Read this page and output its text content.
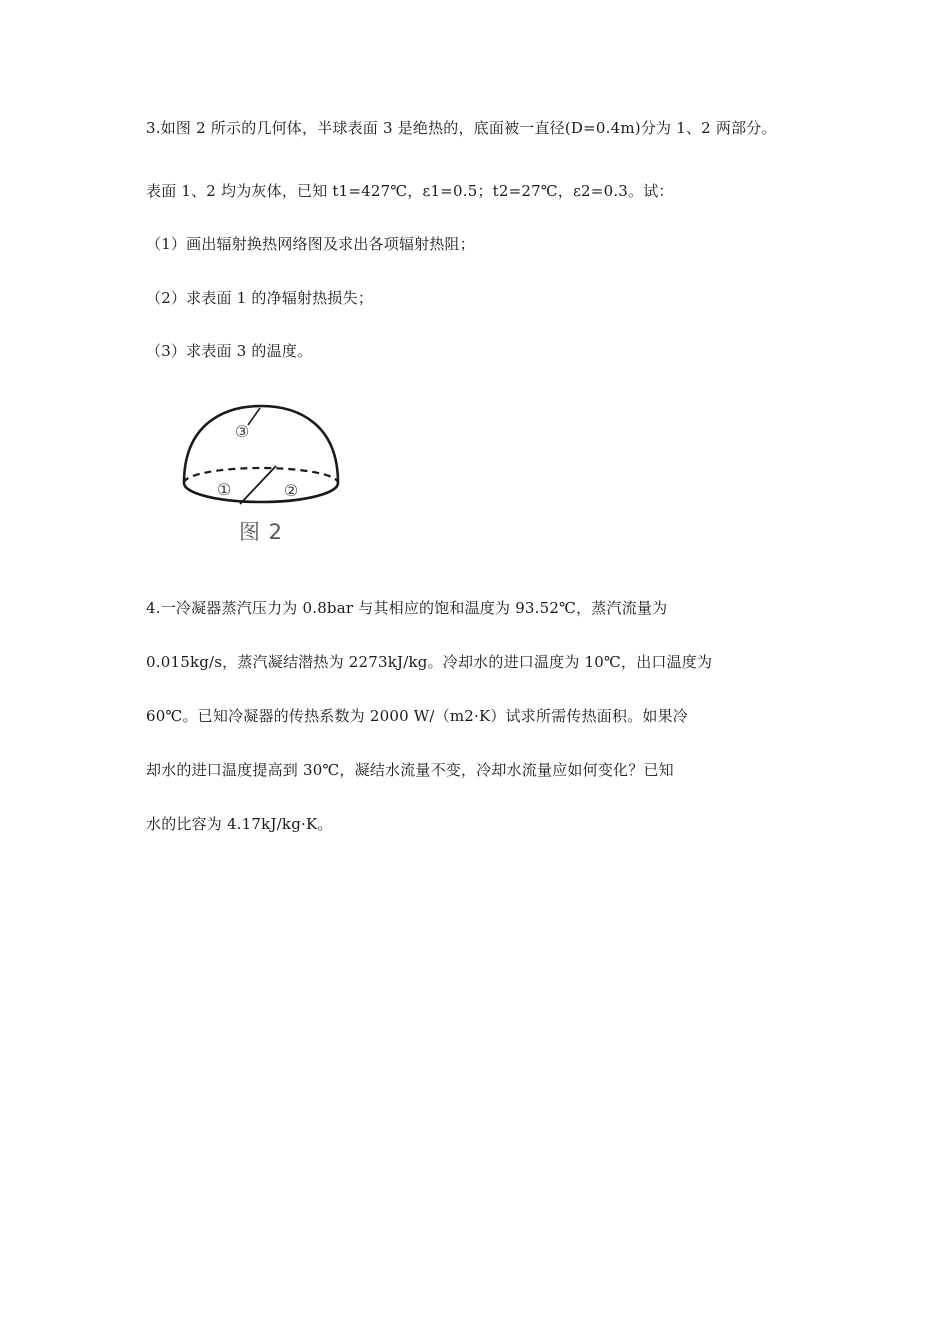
3.如图 2 所示的几何体，半球表面 3 是绝热的，底面被一直径(D=0.4m)分为 1、2 两部分。
表面 1、2 均为灰体，已知 t1=427℃，ε1=0.5；t2=27℃，ε2=0.3。试：
（1）画出辐射换热网络图及求出各项辐射热阻；
（2）求表面 1 的净辐射热损失；
（3）求表面 3 的温度。
③
①	②
图 2
4.一冷凝器蒸汽压力为 0.8bar 与其相应的饱和温度为 93.52℃，蒸汽流量为
0.015kg/s，蒸汽凝结潜热为 2273kJ/kg。冷却水的进口温度为 10℃，出口温度为
60℃。已知冷凝器的传热系数为 2000 W/（m2·K）试求所需传热面积。如果冷
却水的进口温度提高到 30℃，凝结水流量不变，冷却水流量应如何变化？已知
水的比容为 4.17kJ/kg·K。
